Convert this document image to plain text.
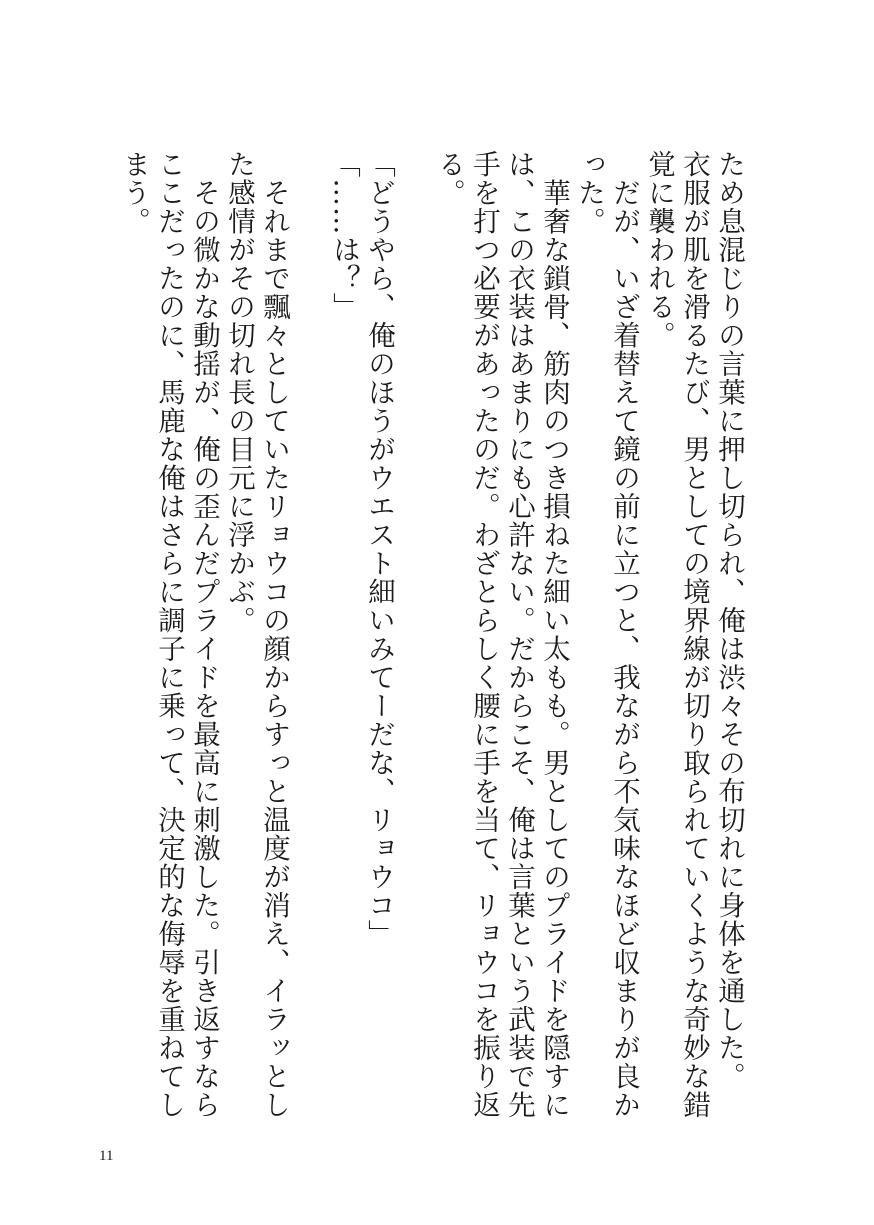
ため息混じりの言葉に押し切られ、俺は渋々その布切れに身体を通した。
衣服が肌を滑るたび、男としての境界線が切り取られていくような奇妙な錯
覚に襲われる。
　だが、いざ着替えて鏡の前に立つと、我ながら不気味なほど収まりが良か
った。
　華奢な鎖骨、筋肉のつき損ねた細い太もも。男としてのプライドを隠すに
は、この衣装はあまりにも心許ない。だからこそ、俺は言葉という武装で先
手を打つ必要があったのだ。わざとらしく腰に手を当て、リョウコを振り返
る。
「どうやら、俺のほうがウエスト細いみてーだな、リョウコ」
「……は？」
　それまで飄々としていたリョウコの顔からすっと温度が消え、イラッとし
た感情がその切れ長の目元に浮かぶ。
　その微かな動揺が、俺の歪んだプライドを最高に刺激した。引き返すなら
ここだったのに、馬鹿な俺はさらに調子に乗って、決定的な侮辱を重ねてし
まう。
11
